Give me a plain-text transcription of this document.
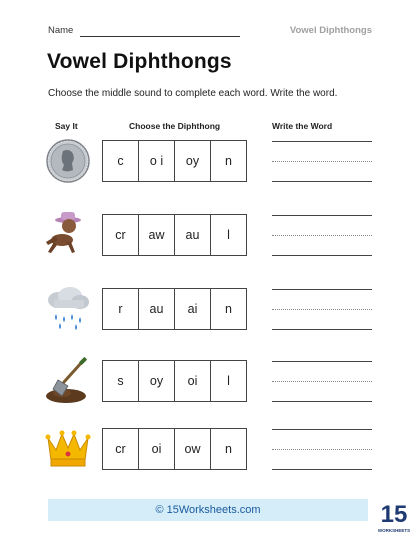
Name	Vowel Diphthongs
Vowel Diphthongs
Choose the middle sound to complete each word. Write the word.
Say It	Choose the Diphthong	Write the Word
c	o i	oy	n
cr	aw	au	l
r	au	ai	n
s	oy	oi	l
cr	oi	ow	n
© 15Worksheets.com	15
WORKSHEETS
